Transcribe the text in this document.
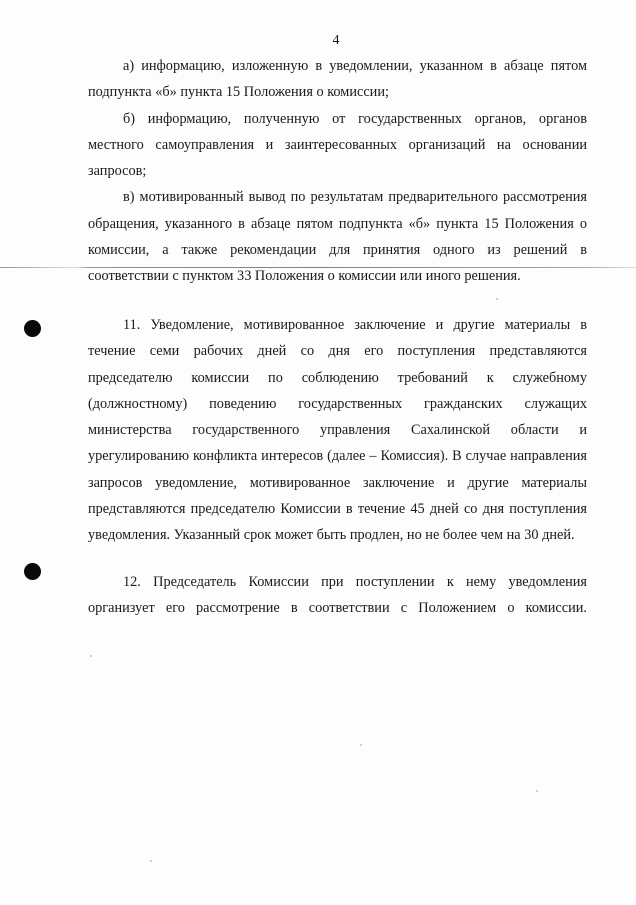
4

а) информацию, изложенную в уведомлении, указанном в абзаце пятом подпункта «б» пункта 15 Положения о комиссии;

б) информацию, полученную от государственных органов, органов местного самоуправления и заинтересованных организаций на основании запросов;

в) мотивированный вывод по результатам предварительного рассмотрения обращения, указанного в абзаце пятом подпункта «б» пункта 15 Положения о комиссии, а также рекомендации для принятия одного из решений в соответствии с пунктом 33 Положения о комиссии или иного решения.

11. Уведомление, мотивированное заключение и другие материалы в течение семи рабочих дней со дня его поступления представляются председателю комиссии по соблюдению требований к служебному (должностному) поведению государственных гражданских служащих министерства государственного управления Сахалинской области и урегулированию конфликта интересов (далее – Комиссия). В случае направления запросов уведомление, мотивированное заключение и другие материалы представляются председателю Комиссии в течение 45 дней со дня поступления уведомления. Указанный срок может быть продлен, но не более чем на 30 дней.

12. Председатель Комиссии при поступлении к нему уведомления организует его рассмотрение в соответствии с Положением о комиссии.
